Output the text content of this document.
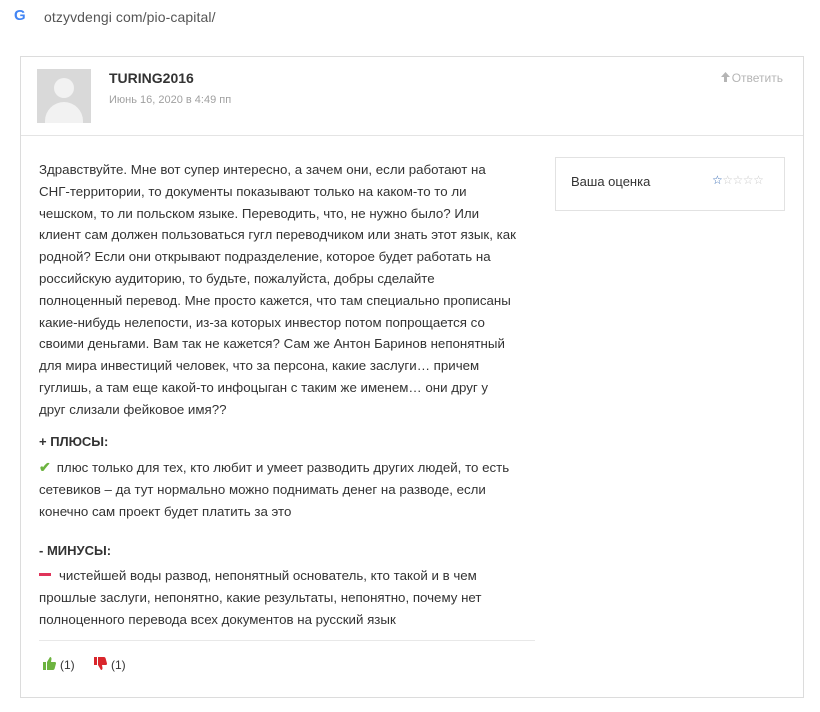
G	otzyvdengi com/pio-capital/
TURING2016
Июнь 16, 2020 в 4:49 пп
Ответить
Здравствуйте. Мне вот супер интересно, а зачем они, если работают на СНГ-территории, то документы показывают только на каком-то то ли чешском, то ли польском языке. Переводить, что, не нужно было? Или клиент сам должен пользоваться гугл переводчиком или знать этот язык, как родной? Если они открывают подразделение, которое будет работать на российскую аудиторию, то будьте, пожалуйста, добры сделайте полноценный перевод. Мне просто кажется, что там специально прописаны какие-нибудь нелепости, из-за которых инвестор потом попрощается со своими деньгами. Вам так не кажется? Сам же Антон Баринов непонятный для мира инвестиций человек, что за персона, какие заслуги… причем гуглишь, а там еще какой-то инфоцыган с таким же именем… они друг у друг слизали фейковое имя??
Ваша оценка	☆☆☆☆☆
+ ПЛЮСЫ:
✔ плюс только для тех, кто любит и умеет разводить других людей, то есть сетевиков – да тут нормально можно поднимать денег на разводе, если конечно сам проект будет платить за это
- МИНУСЫ:
чистейшей воды развод, непонятный основатель, кто такой и в чем прошлые заслуги, непонятно, какие результаты, непонятно, почему нет полноценного перевода всех документов на русский язык
(1)
	(1)
